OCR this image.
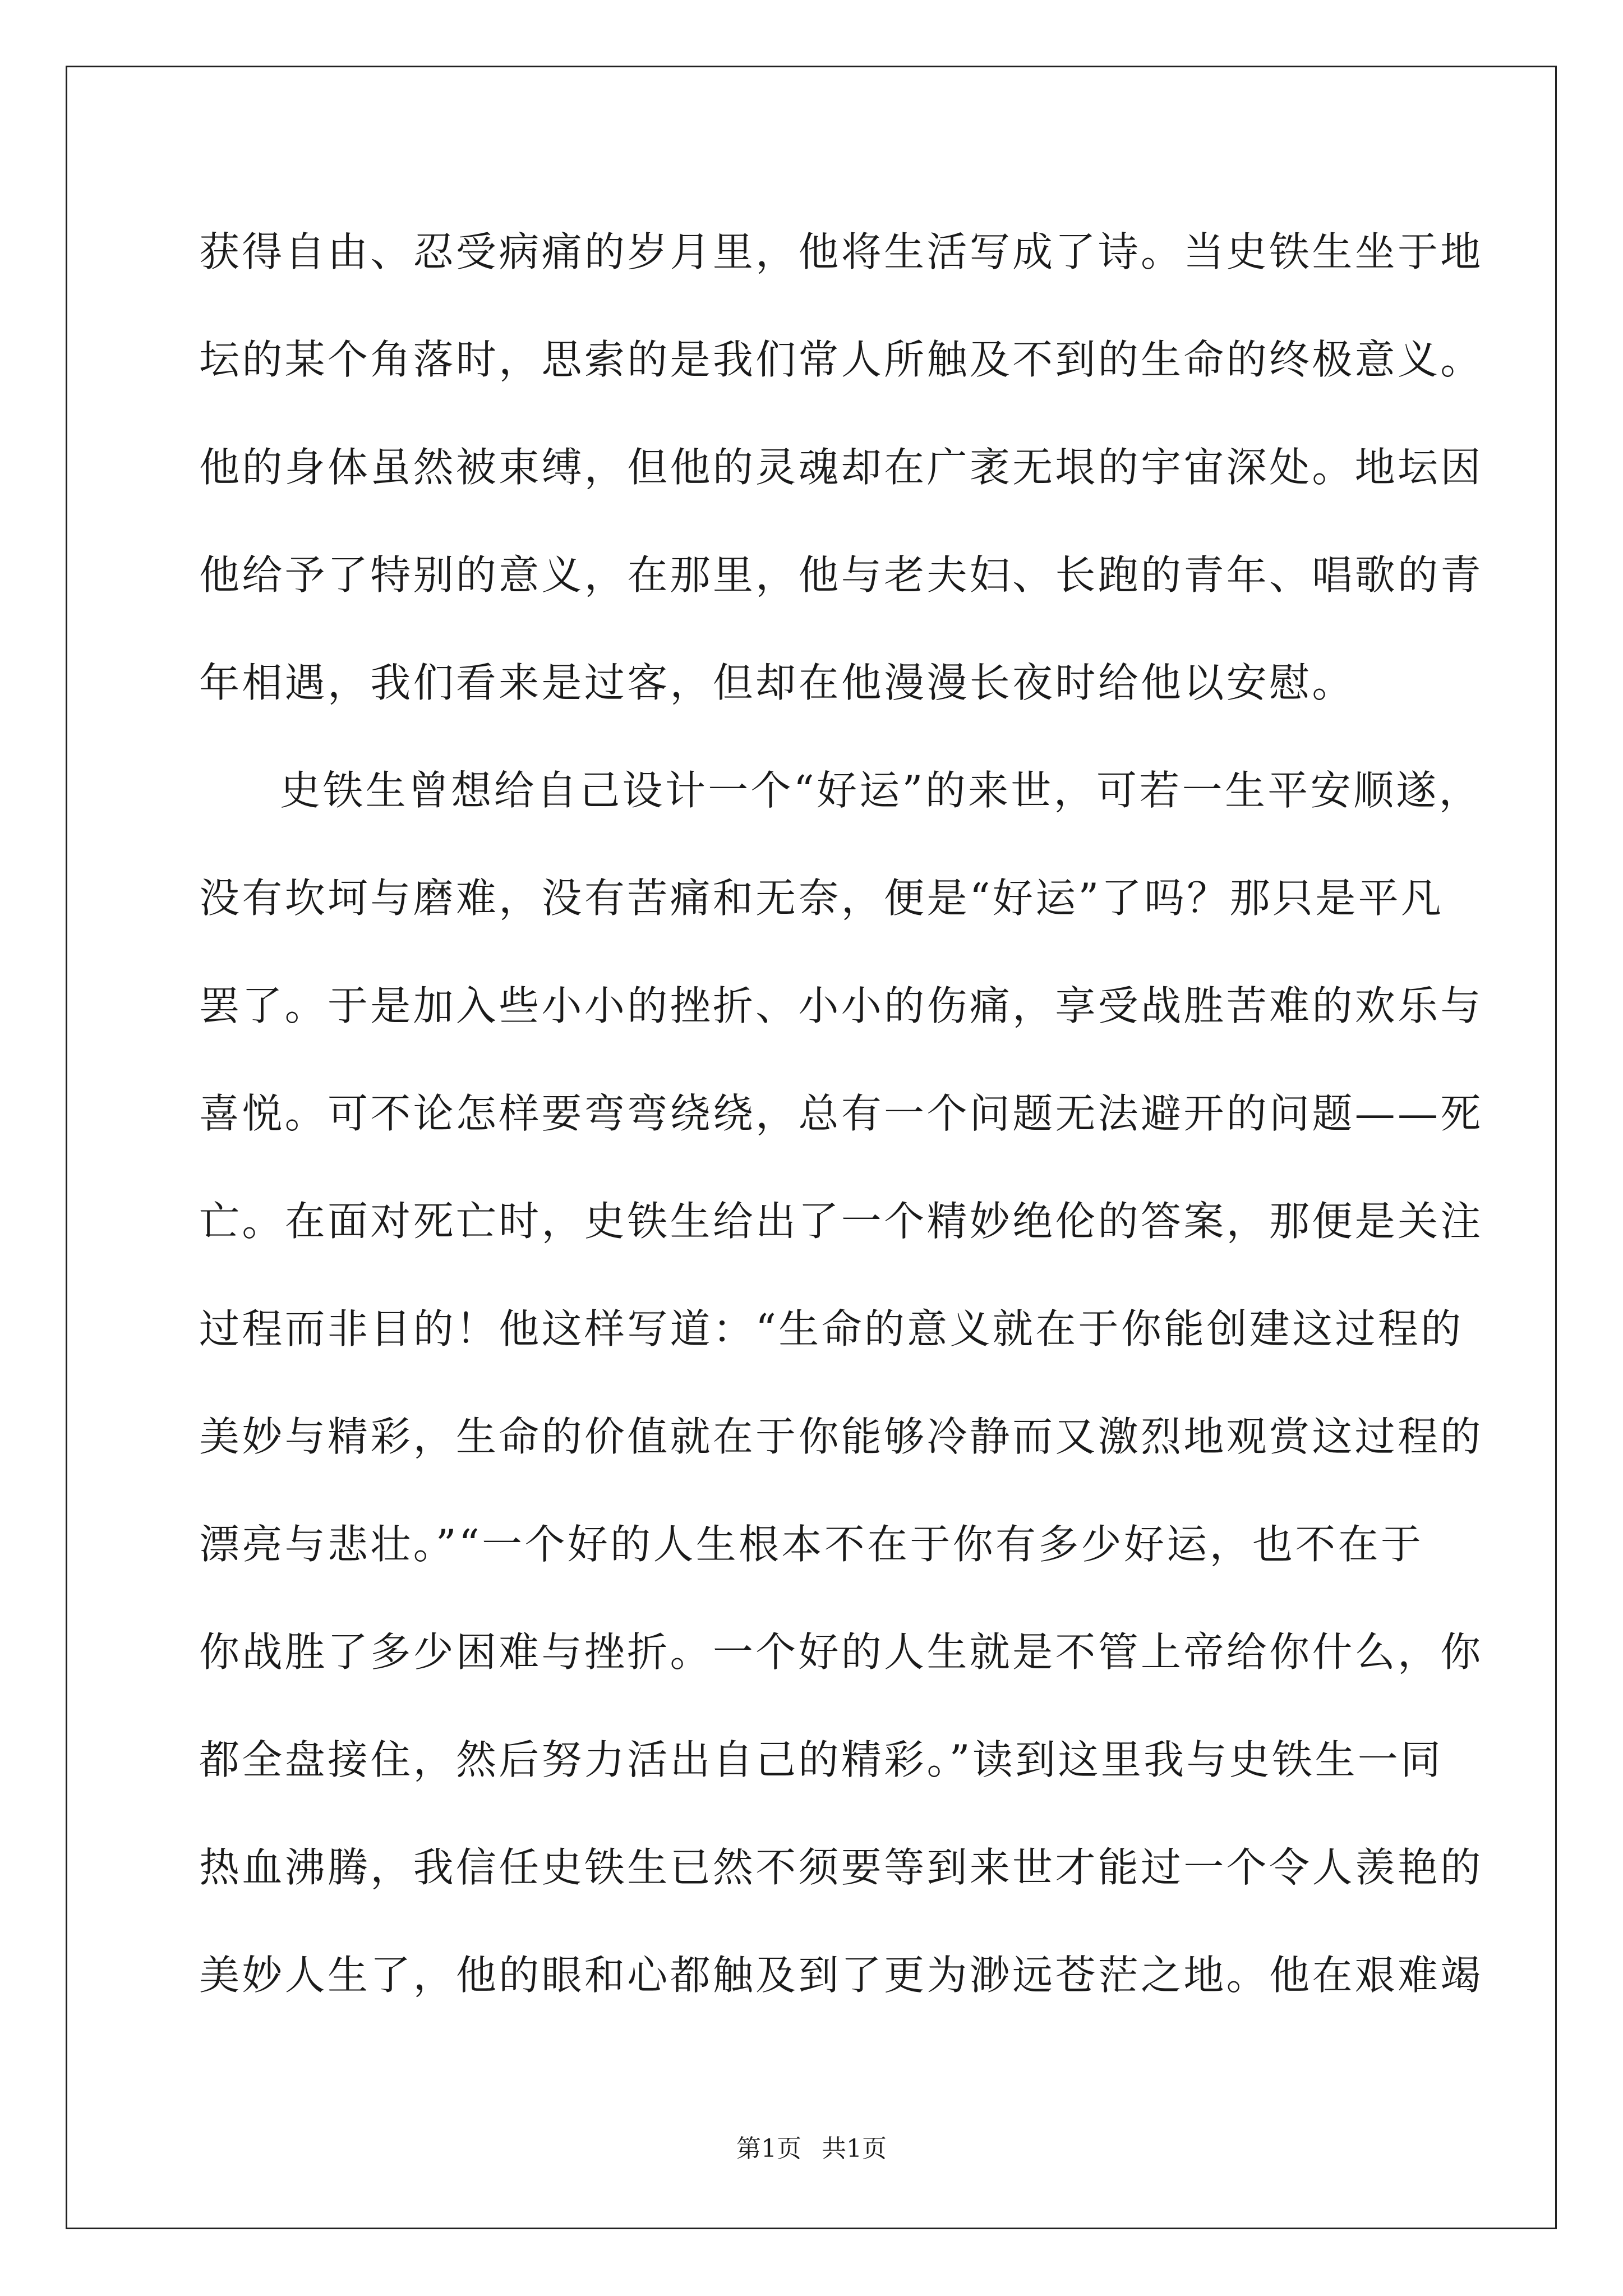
获得自由、忍受病痛的岁月里，他将生活写成了诗。当史铁生坐于地
坛的某个角落时，思索的是我们常人所触及不到的生命的终极意义。
他的身体虽然被束缚，但他的灵魂却在广袤无垠的宇宙深处。地坛因
他给予了特别的意义，在那里，他与老夫妇、长跑的青年、唱歌的青
年相遇，我们看来是过客，但却在他漫漫长夜时给他以安慰。
史铁生曾想给自己设计一个“好运”的来世，可若一生平安顺遂，
没有坎坷与磨难，没有苦痛和无奈，便是“好运”了吗？那只是平凡
罢了。于是加入些小小的挫折、小小的伤痛，享受战胜苦难的欢乐与
喜悦。可不论怎样要弯弯绕绕，总有一个问题无法避开的问题——死
亡。在面对死亡时，史铁生给出了一个精妙绝伦的答案，那便是关注
过程而非目的！他这样写道：“生命的意义就在于你能创建这过程的
美妙与精彩，生命的价值就在于你能够冷静而又激烈地观赏这过程的
漂亮与悲壮。”“一个好的人生根本不在于你有多少好运，也不在于
你战胜了多少困难与挫折。一个好的人生就是不管上帝给你什么，你
都全盘接住，然后努力活出自己的精彩。”读到这里我与史铁生一同
热血沸腾，我信任史铁生已然不须要等到来世才能过一个令人羡艳的
美妙人生了，他的眼和心都触及到了更为渺远苍茫之地。他在艰难竭
第1页 共1页
